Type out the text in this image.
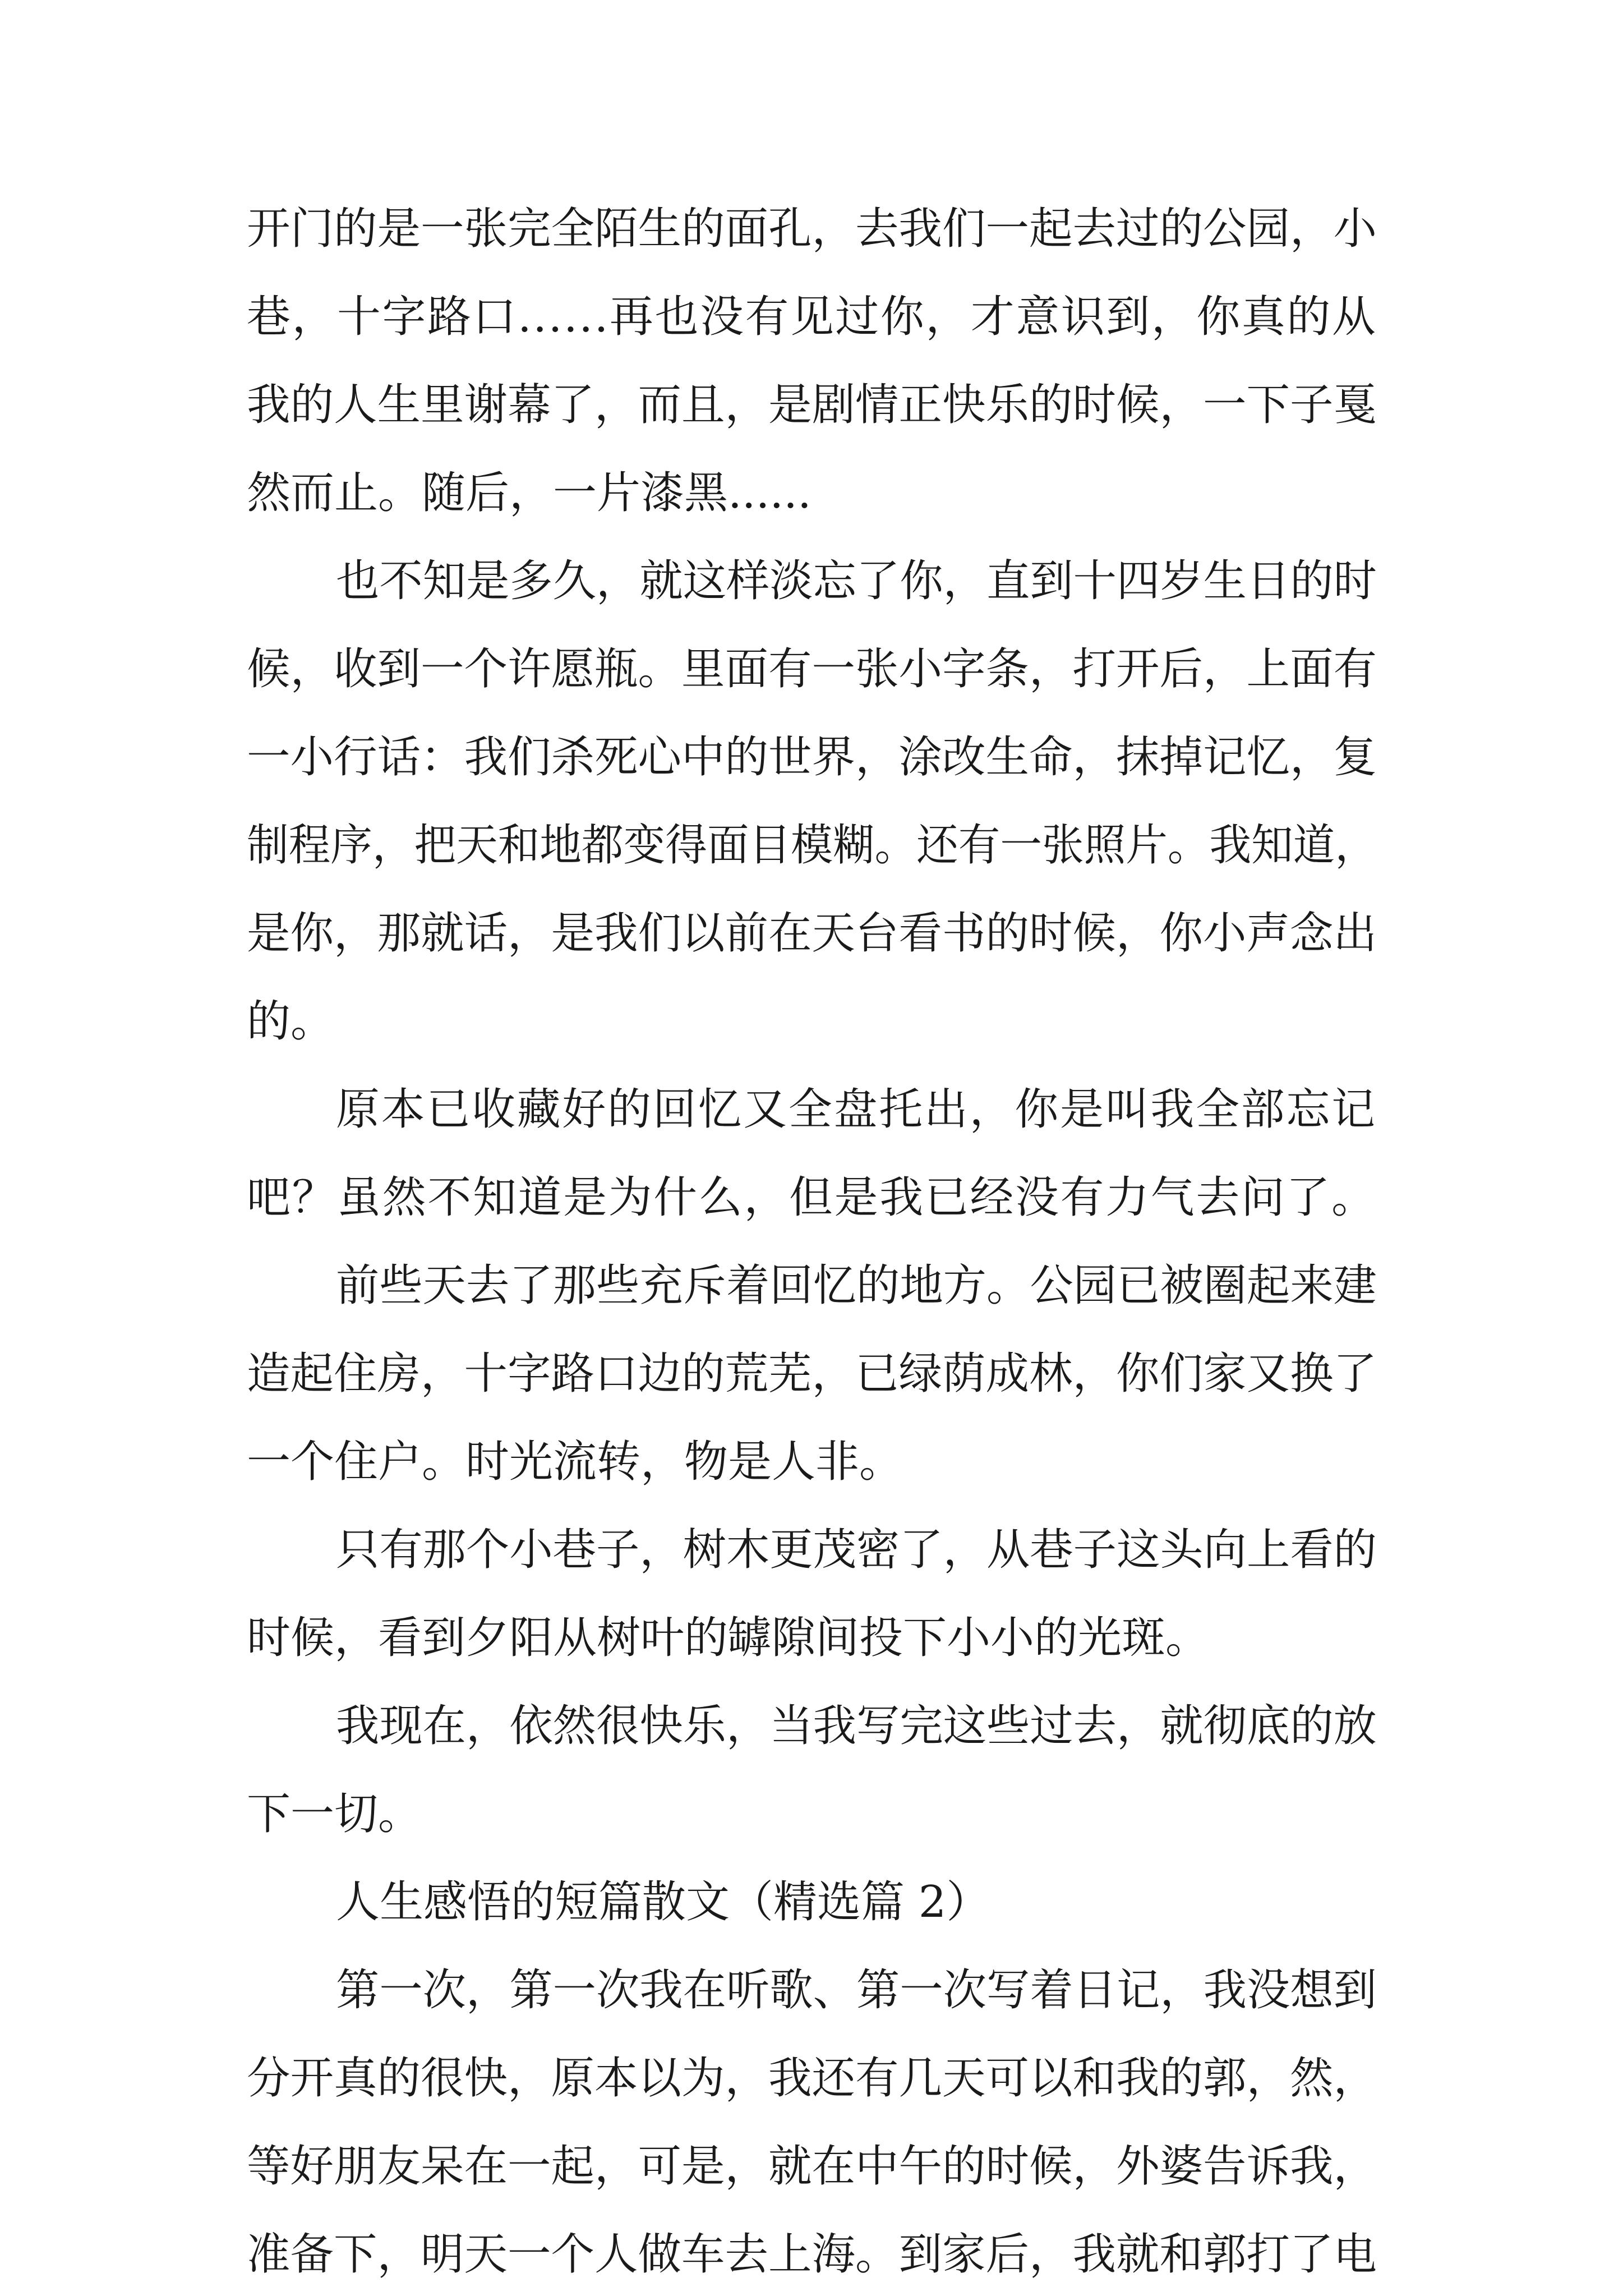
开门的是一张完全陌生的面孔，去我们一起去过的公园，小
巷，十字路口......再也没有见过你，才意识到，你真的从
我的人生里谢幕了，而且，是剧情正快乐的时候，一下子戛
然而止。随后，一片漆黑......
也不知是多久，就这样淡忘了你，直到十四岁生日的时
候，收到一个许愿瓶。里面有一张小字条，打开后，上面有
一小行话：我们杀死心中的世界，涂改生命，抹掉记忆，复
制程序，把天和地都变得面目模糊。还有一张照片。我知道，
是你，那就话，是我们以前在天台看书的时候，你小声念出
的。
原本已收藏好的回忆又全盘托出，你是叫我全部忘记
吧？虽然不知道是为什么，但是我已经没有力气去问了。
前些天去了那些充斥着回忆的地方。公园已被圈起来建
造起住房，十字路口边的荒芜，已绿荫成林，你们家又换了
一个住户。时光流转，物是人非。
只有那个小巷子，树木更茂密了，从巷子这头向上看的
时候，看到夕阳从树叶的罅隙间投下小小的光斑。
我现在，依然很快乐，当我写完这些过去，就彻底的放
下一切。
人生感悟的短篇散文（精选篇 2）
第一次，第一次我在听歌、第一次写着日记，我没想到
分开真的很快，原本以为，我还有几天可以和我的郭，然，
等好朋友呆在一起，可是，就在中午的时候，外婆告诉我，
准备下，明天一个人做车去上海。到家后，我就和郭打了电
